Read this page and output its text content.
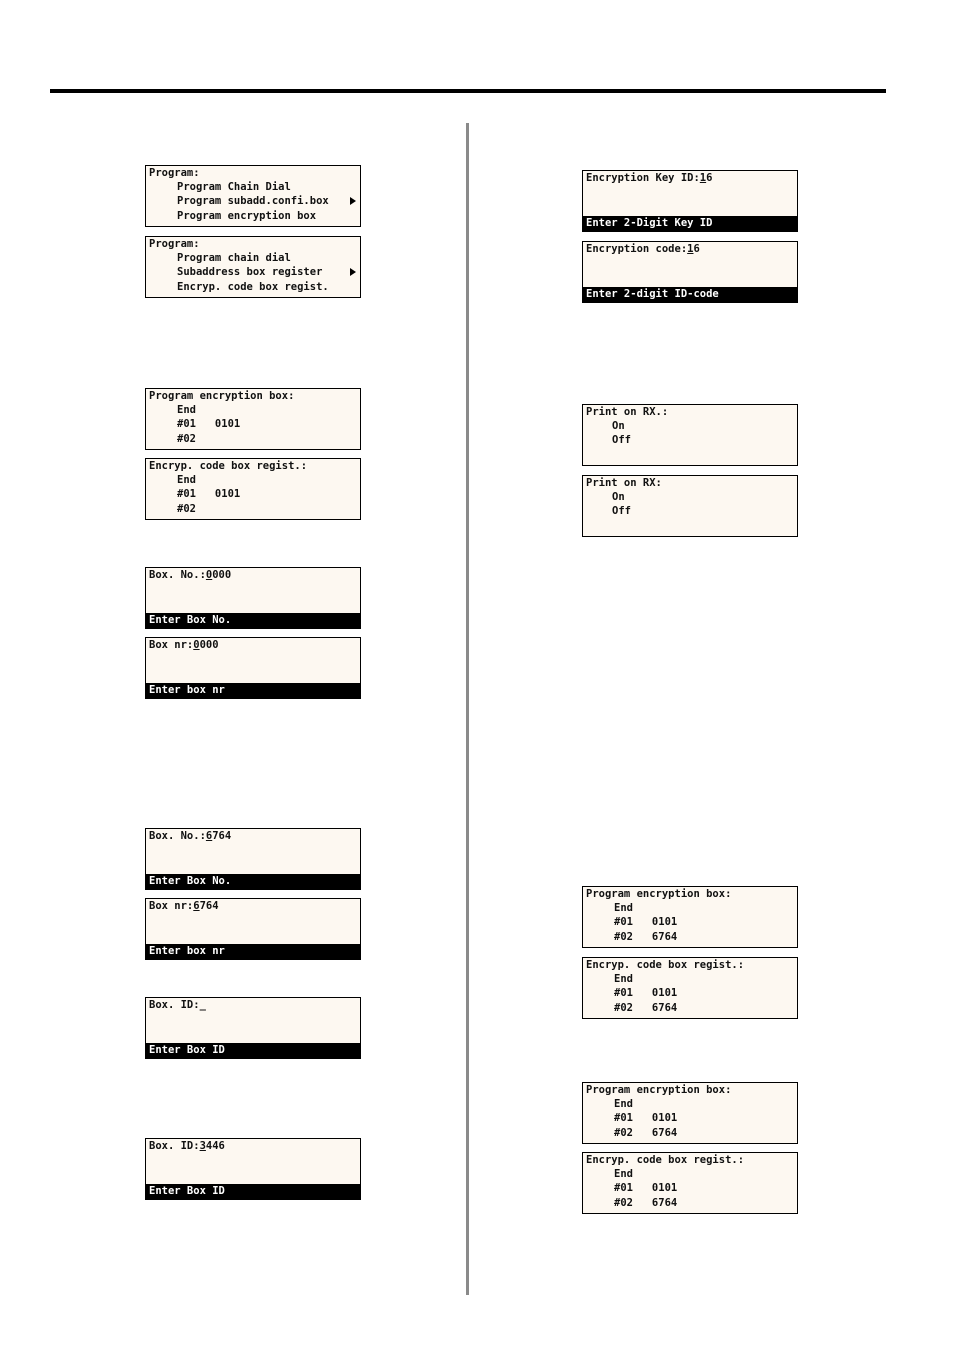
Program:
Program Chain Dial
Program subadd.confi.box
Program encryption box
Program:
Program chain dial
Subaddress box register
Encryp. code box regist.
Program encryption box:
End
#01   0101
#02
Encryp. code box regist.:
End
#01   0101
#02
Box. No.:0000
Enter Box No.
Box nr:0000
Enter box nr
Box. No.:6764
Enter Box No.
Box nr:6764
Enter box nr
Box. ID:_
Enter Box ID
Box. ID:3446
Enter Box ID
Encryption Key ID:16
Enter 2-Digit Key ID
Encryption code:16
Enter 2-digit ID-code
Print on RX.:
On
Off
Print on RX:
On
Off
Program encryption box:
End
#01   0101
#02   6764
Encryp. code box regist.:
End
#01   0101
#02   6764
Program encryption box:
End
#01   0101
#02   6764
Encryp. code box regist.:
End
#01   0101
#02   6764
